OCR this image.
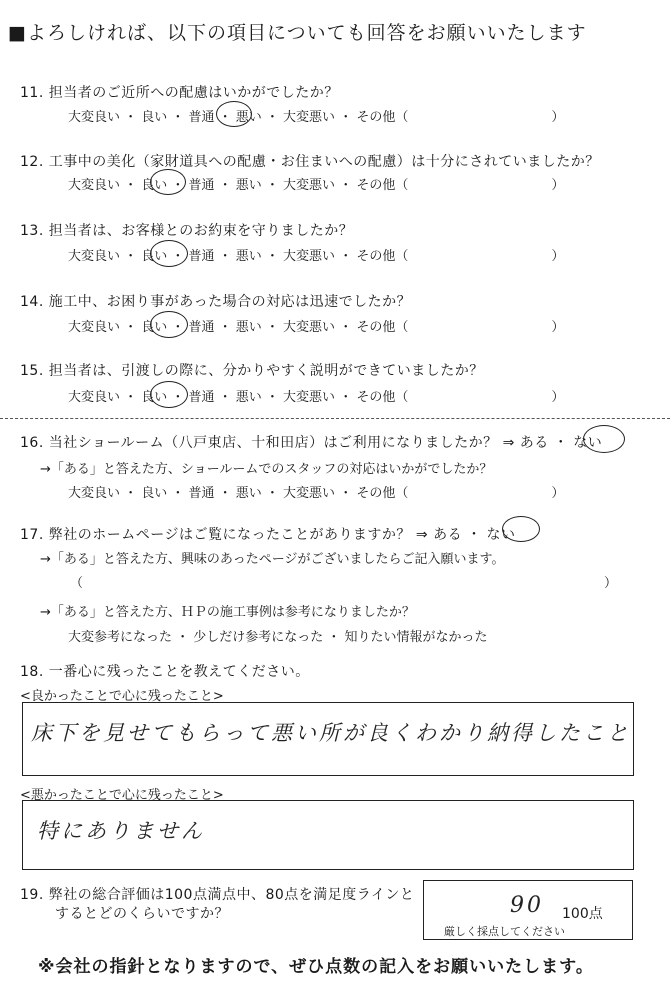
■よろしければ、以下の項目についても回答をお願いいたします
11. 担当者のご近所への配慮はいかがでしたか？
大変良い ・ 良い ・ 普通 ・ 悪い ・ 大変悪い ・ その他（　　　　　　　　　　　）
12. 工事中の美化（家財道具への配慮・お住まいへの配慮）は十分にされていましたか？
大変良い ・ 良い ・ 普通 ・ 悪い ・ 大変悪い ・ その他（　　　　　　　　　　　）
13. 担当者は、お客様とのお約束を守りましたか？
大変良い ・ 良い ・ 普通 ・ 悪い ・ 大変悪い ・ その他（　　　　　　　　　　　）
14. 施工中、お困り事があった場合の対応は迅速でしたか？
大変良い ・ 良い ・ 普通 ・ 悪い ・ 大変悪い ・ その他（　　　　　　　　　　　）
15. 担当者は、引渡しの際に、分かりやすく説明ができていましたか？
大変良い ・ 良い ・ 普通 ・ 悪い ・ 大変悪い ・ その他（　　　　　　　　　　　）
16. 当社ショールーム（八戸東店、十和田店）はご利用になりましたか？ ⇒ ある ・ ない
→「ある」と答えた方、ショールームでのスタッフの対応はいかがでしたか？
大変良い ・ 良い ・ 普通 ・ 悪い ・ 大変悪い ・ その他（　　　　　　　　　　　）
17. 弊社のホームページはご覧になったことがありますか？ ⇒ ある ・ ない
→「ある」と答えた方、興味のあったページがございましたらご記入願います。
（	）
→「ある」と答えた方、ＨＰの施工事例は参考になりましたか？
大変参考になった ・ 少しだけ参考になった ・ 知りたい情報がなかった
18. 一番心に残ったことを教えてください。
<良かったことで心に残ったこと>
床下を見せてもらって悪い所が良くわかり納得したこと
<悪かったことで心に残ったこと>
特にありません
19. 弊社の総合評価は100点満点中、80点を満足度ラインと
するとどのくらいですか？	90 100点
厳しく採点してください
※会社の指針となりますので、ぜひ点数の記入をお願いいたします。
